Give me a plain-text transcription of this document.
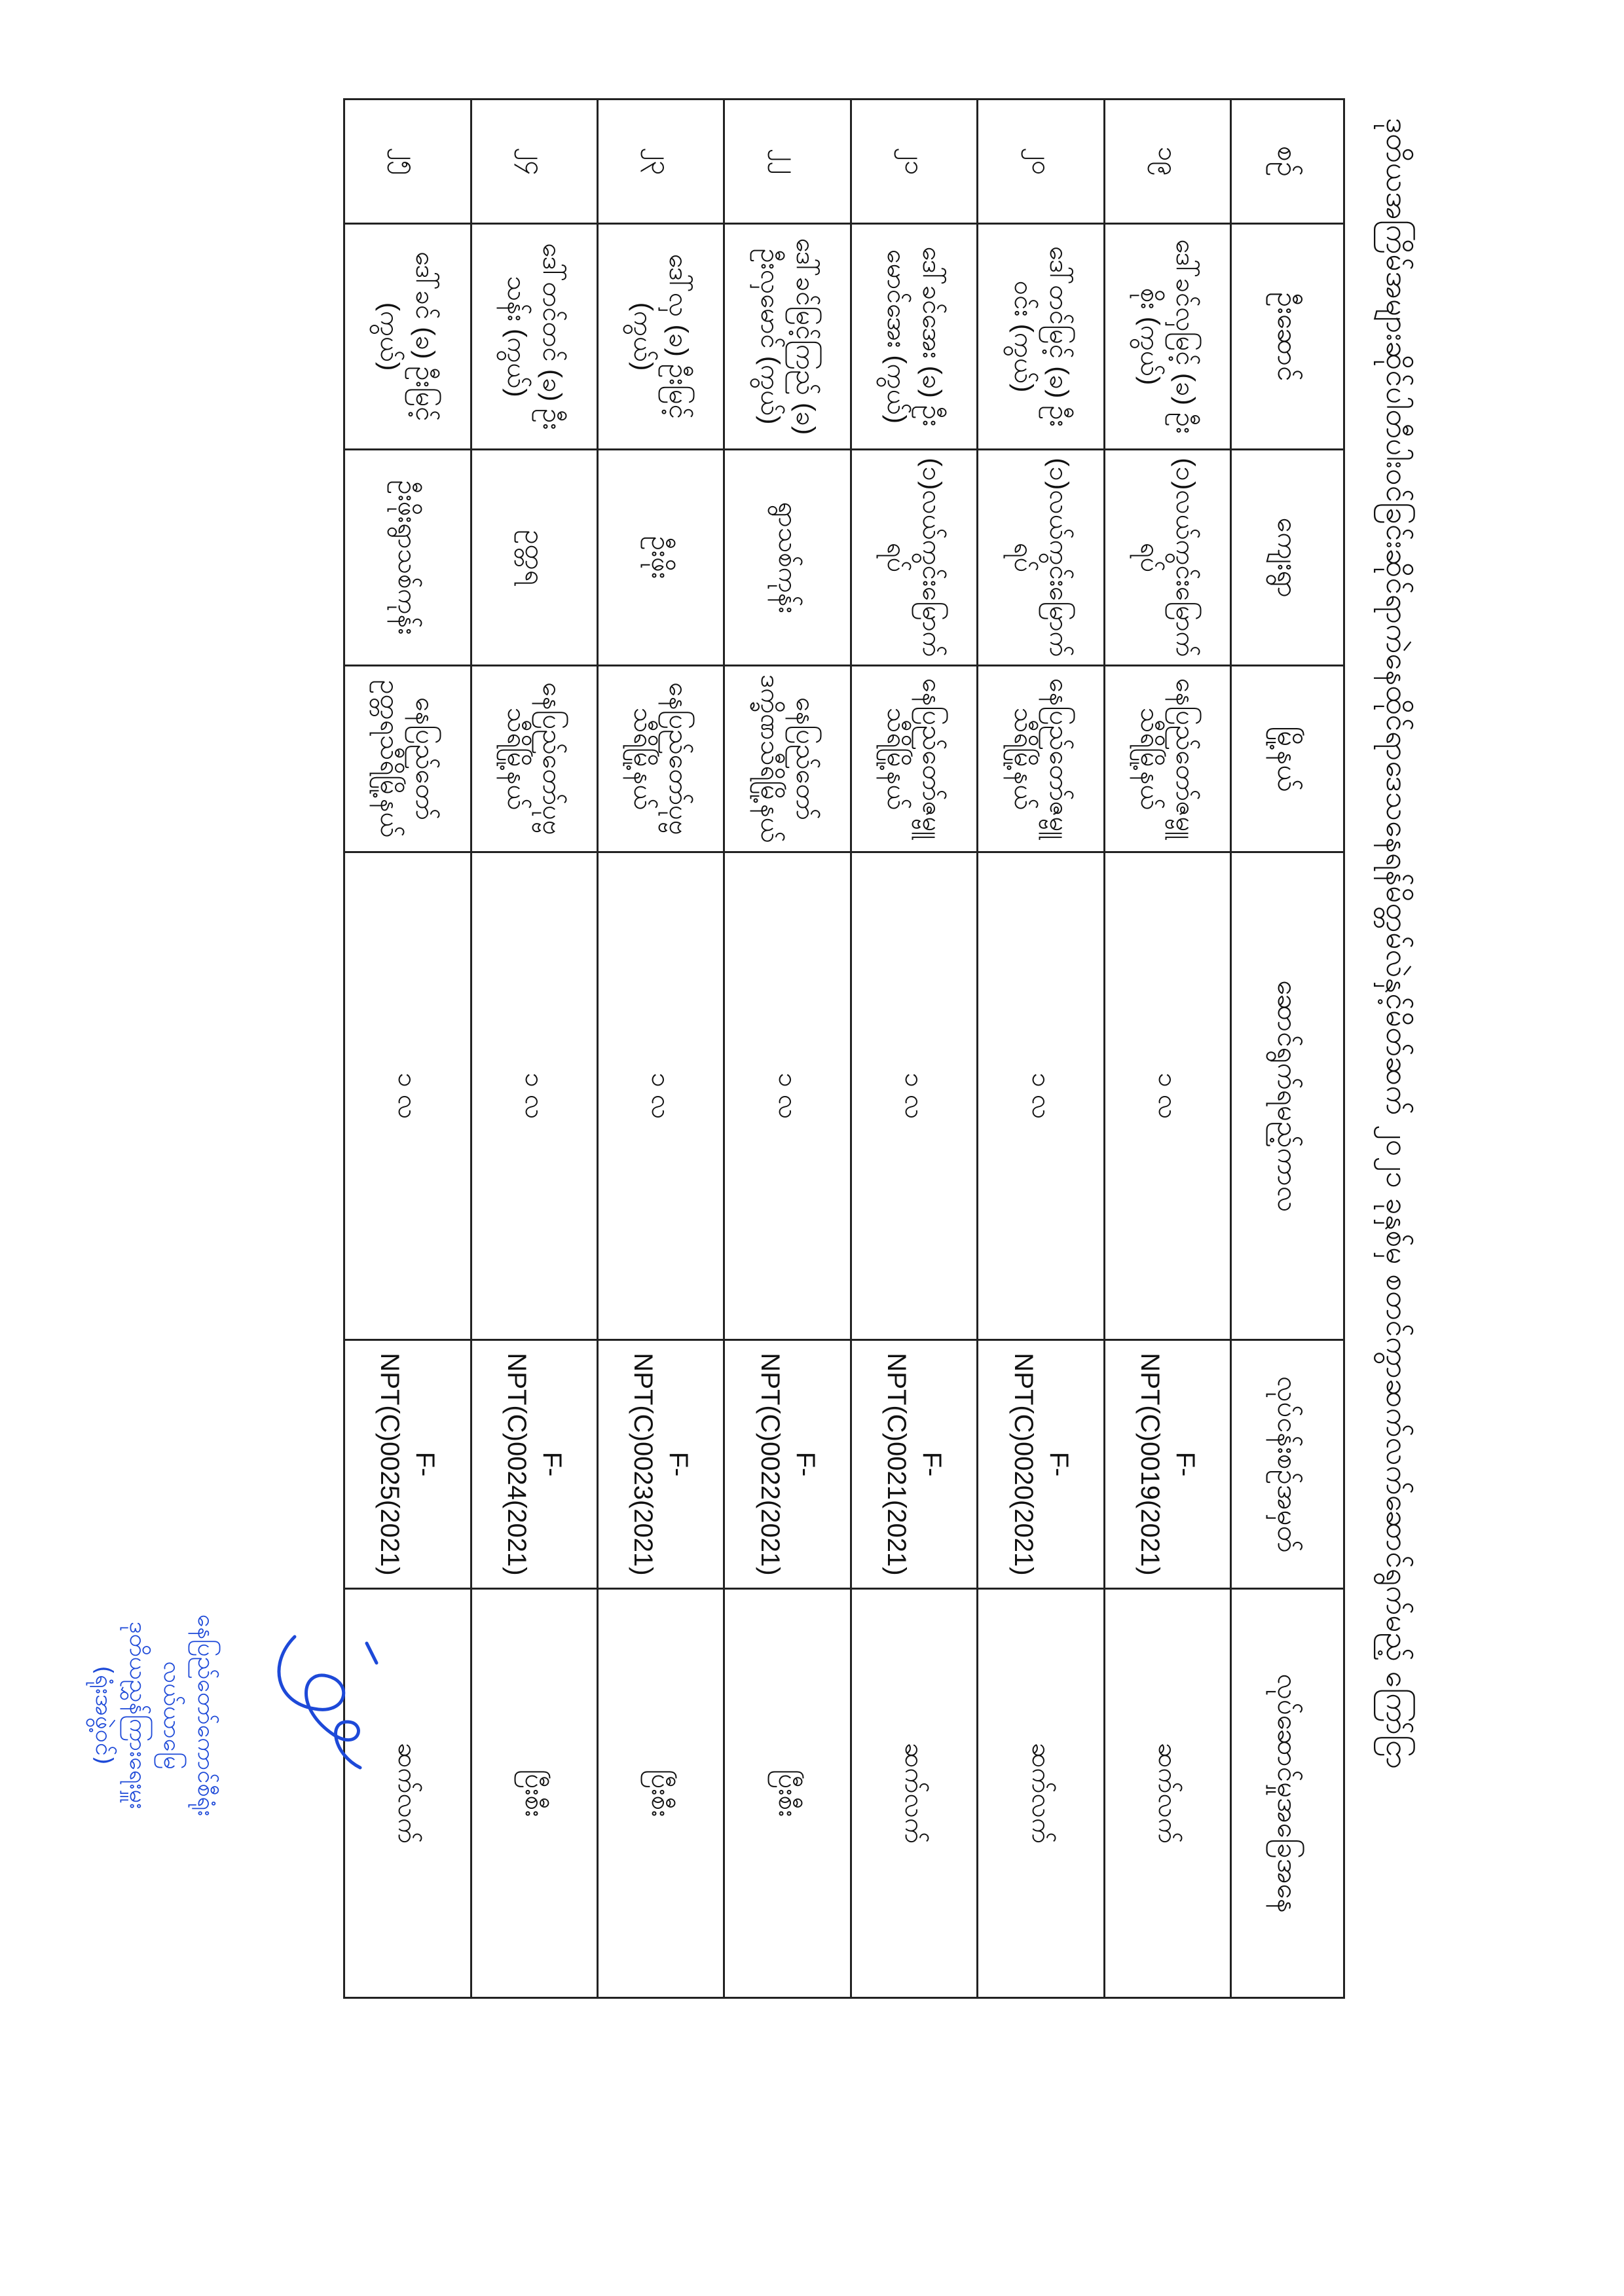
ဒုတိယအကြိမ်အများဆိုင်ပါတီပါးဝင်ခြင်းဆိုင်ရာကဲနေထိုင်ရာဒေသနေရန်မိတ္တမ်လဲနှင့်မိတ်ဆက် ၂၀၂၁ ခုနှစ်မှ စတင်ကွာဆက်လက်ဆောင်ရွက်မည့် ကြော်ငြာ
စဉ်	ဦးဆောင်	ကျေးရွာ	မြို့နယ်	ဆောင်ရွက်ရမည့်ကာလ	လုပ်ငန်းစဉ်အမှတ်	လုပ်ဆောင်မှုအခြေအနေ
၁၉	ဒေါ်ခင်လှမြင့် (ခ) ဦးစိုး (ကွယ်)	(၁)လယ်ကွင်းမြောက်ရပ်	နေပြည်တော်ဇမ္ဗူသီရိမြို့နယ်	၁ လ	F-NPT(C)0019(2021)	ဆက်လက်
၂၀	ဒေါ်တင်မြင့် (ခ) ဦးဝင်း (ကွယ်)	(၁)လယ်ကွင်းမြောက်ရပ်	နေပြည်တော်ဇမ္ဗူသီရိမြို့နယ်	၁ လ	F-NPT(C)0020(2021)	ဆက်လက်
၂၁	ဒေါ်ခင်အေး (ခ) ဦးမောင်အေး (ကွယ်)	(၁)လယ်ကွင်းမြောက်ရပ်	နေပြည်တော်ဇမ္ဗူသီရိမြို့နယ်	၁ လ	F-NPT(C)0021(2021)	ဆက်လက်
၂၂	ဒေါ်ခင်မြင့်ကြည် (ခ) ဦးလှမောင် (ကွယ်)	ရွာသစ်ကုန်း	နေပြည်တော်ဒက္ခိဏသီရိမြို့နယ်	၁ လ	F-NPT(C)0022(2021)	ပြီးစီး
၂၃	ဒေါ်လှ (ခ) ဦးမြင့် (ကွယ်)	ဦးဖိုး	နေပြည်တော်ပုဗ္ဗသီရိမြို့နယ်	၁ လ	F-NPT(C)0023(2021)	ပြီးစီး
၂၄	ဒေါ်တင်တင် (ခ) ဦးသန်း (ကွယ်)	ဥတ္တရ	နေပြည်တော်ပုဗ္ဗသီရိမြို့နယ်	၁ လ	F-NPT(C)0024(2021)	ပြီးစီး
၂၅	ဒေါ်ခင် (ခ) ဦးမြင့် (ကွယ်)	ဦးဖိုးရွာသစ်ကုန်း	နေပြည်တော်ဥတ္တရသီရိမြို့နယ်	၁ လ	F-NPT(C)0025(2021)	ဆက်လက်
နေပြည်တော်ကောင်စီရုံး
လယ်ယာမြေ
ဒုတိယညွှန်ကြားရေးမှူး
(ရုံးအဖွဲ့ဝင်)
